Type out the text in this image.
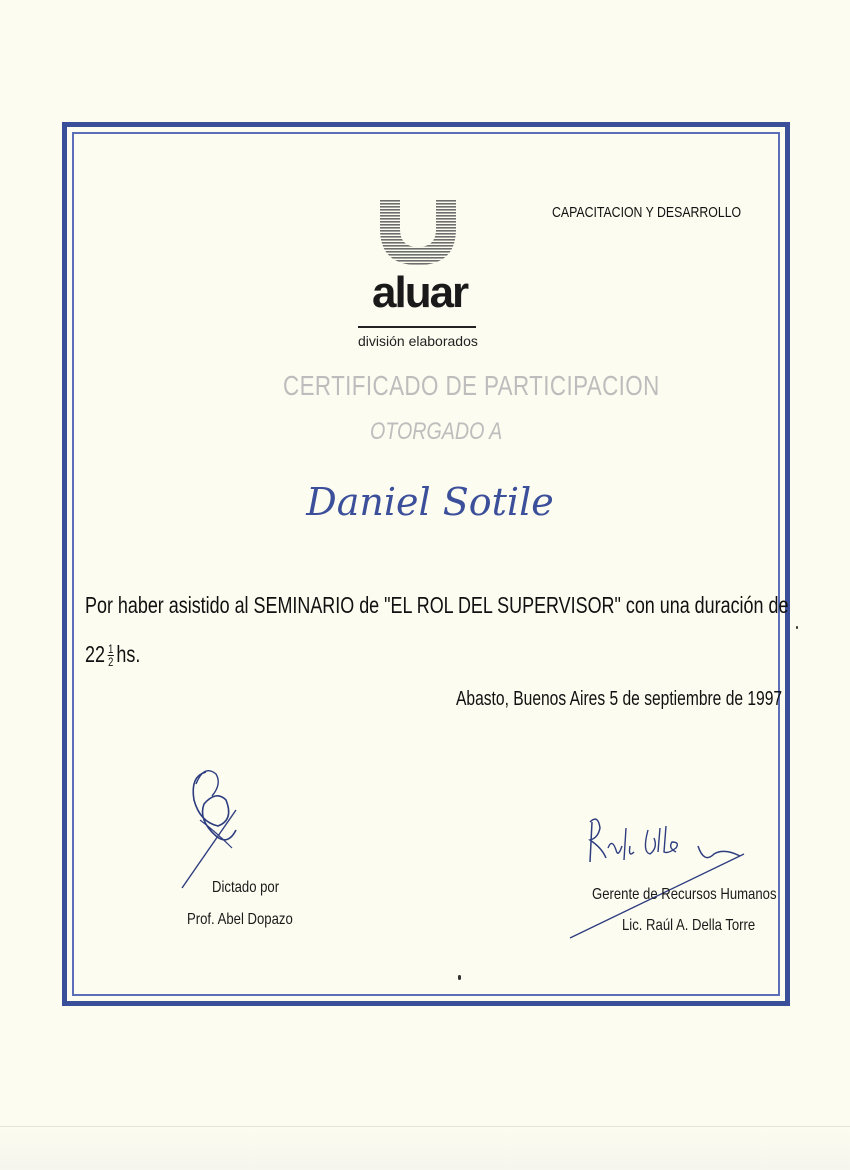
CAPACITACION Y DESARROLLO
aluar
división elaborados
CERTIFICADO DE PARTICIPACION
OTORGADO A
Daniel Sotile
Por haber asistido al SEMINARIO de "EL ROL DEL SUPERVISOR" con una duración de
$22 \frac{1}{2}$ hs.
Abasto, Buenos Aires 5 de septiembre de 1997
Dictado por
Prof. Abel Dopazo
Gerente de Recursos Humanos
Lic. Raúl A. Della Torre
